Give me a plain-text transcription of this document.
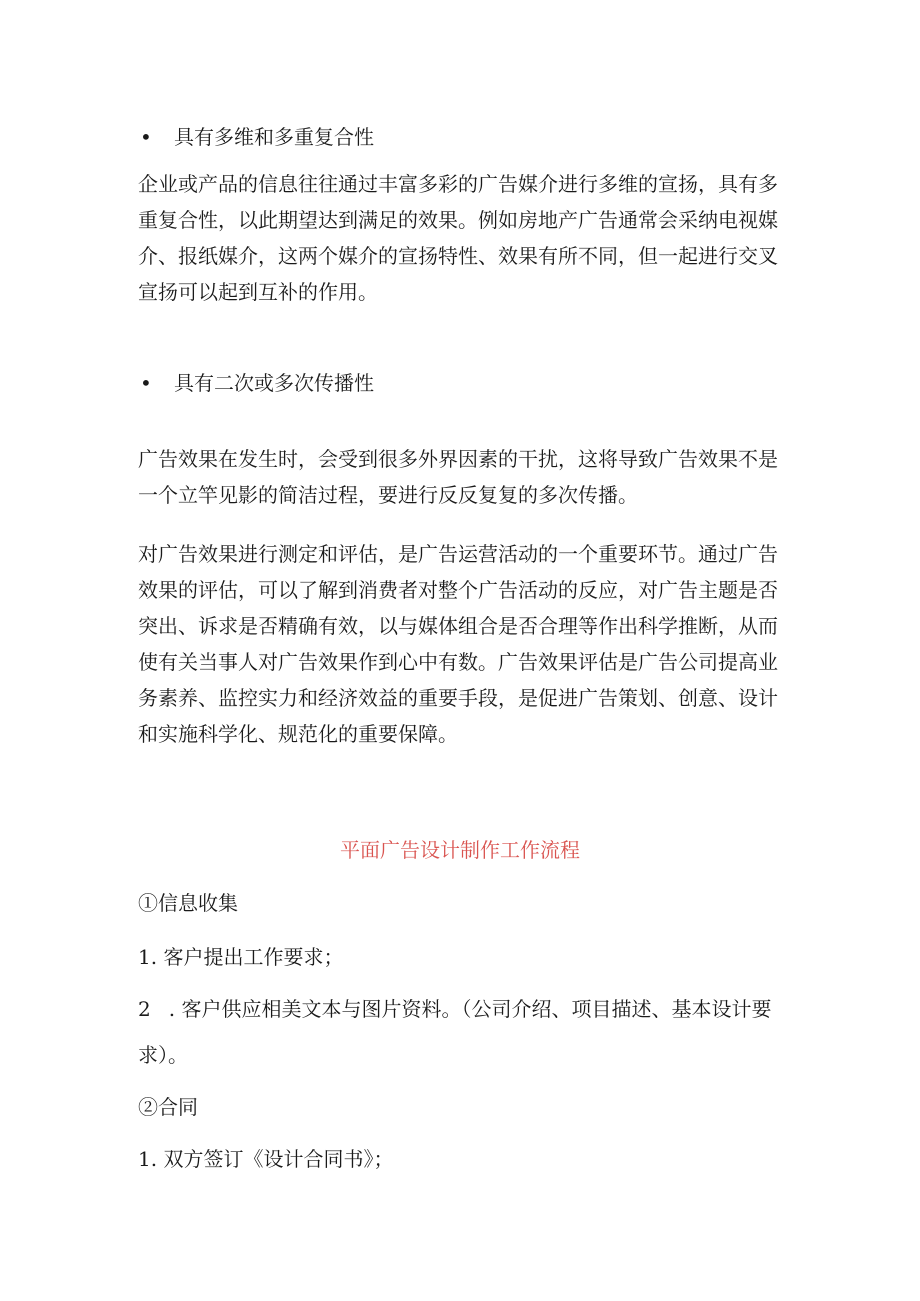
• 具有多维和多重复合性

企业或产品的信息往往通过丰富多彩的广告媒介进行多维的宣扬，具有多
重复合性，以此期望达到满足的效果。例如房地产广告通常会采纳电视媒
介、报纸媒介，这两个媒介的宣扬特性、效果有所不同，但一起进行交叉
宣扬可以起到互补的作用。

• 具有二次或多次传播性

广告效果在发生时，会受到很多外界因素的干扰，这将导致广告效果不是
一个立竿见影的简洁过程，要进行反反复复的多次传播。

对广告效果进行测定和评估，是广告运营活动的一个重要环节。通过广告
效果的评估，可以了解到消费者对整个广告活动的反应，对广告主题是否
突出、诉求是否精确有效，以与媒体组合是否合理等作出科学推断，从而
使有关当事人对广告效果作到心中有数。广告效果评估是广告公司提高业
务素养、监控实力和经济效益的重要手段，是促进广告策划、创意、设计
和实施科学化、规范化的重要保障。

平面广告设计制作工作流程
①信息收集
1. 客户提出工作要求；
2 . 客户供应相美文本与图片资料。（公司介绍、项目描述、基本设计要
求）。
②合同
1. 双方签订《设计合同书》；
